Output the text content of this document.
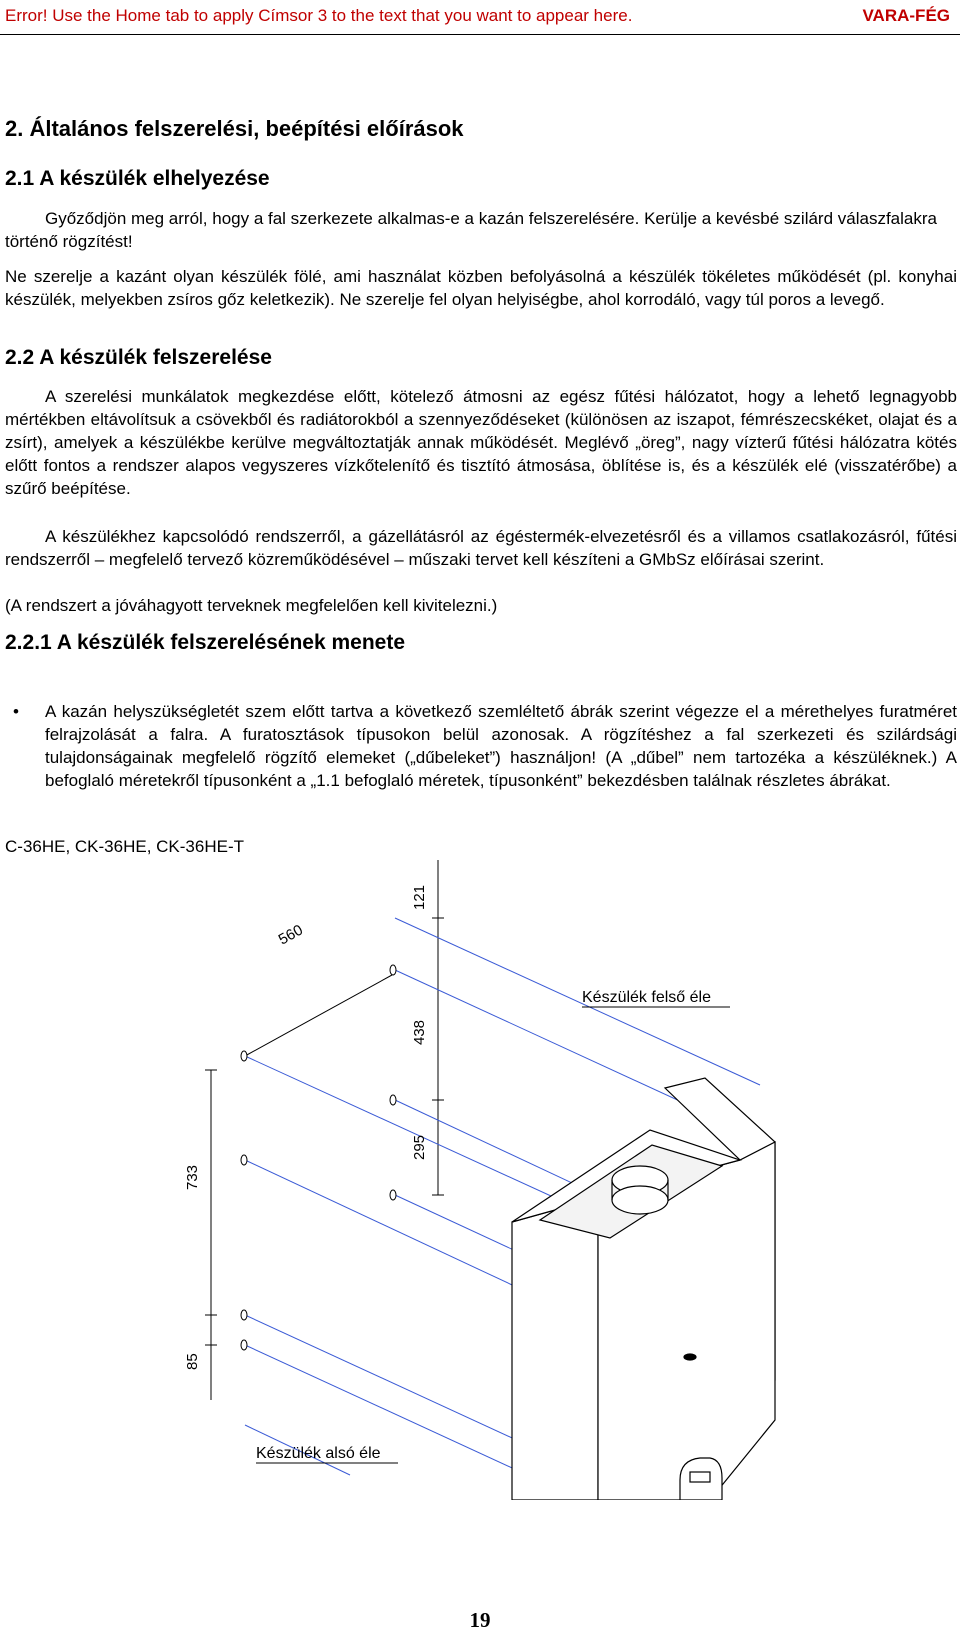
Error! Use the Home tab to apply Címsor 3 to the text that you want to appear here.	VARA-FÉG
2. Általános felszerelési, beépítési előírások
2.1 A készülék elhelyezése

Győződjön meg arról, hogy a fal szerkezete alkalmas-e a kazán felszerelésére. Kerülje a kevésbé szilárd válaszfalakra történő rögzítést!

Ne szerelje a kazánt olyan készülék fölé, ami használat közben befolyásolná a készülék tökéletes működését (pl. konyhai készülék, melyekben zsíros gőz keletkezik). Ne szerelje fel olyan helyiségbe, ahol korrodáló, vagy túl poros a levegő.

2.2 A készülék felszerelése

A szerelési munkálatok megkezdése előtt, kötelező átmosni az egész fűtési hálózatot, hogy a lehető legnagyobb mértékben eltávolítsuk a csövekből és radiátorokból a szennyeződéseket (különösen az iszapot, fémrészecskéket, olajat és a zsírt), amelyek a készülékbe kerülve megváltoztatják annak működését. Meglévő „öreg”, nagy vízterű fűtési hálózatra kötés előtt fontos a rendszer alapos vegyszeres vízkőtelenítő és tisztító átmosása, öblítése is, és a készülék elé (visszatérőbe) a szűrő beépítése.

A készülékhez kapcsolódó rendszerről, a gázellátásról az égéstermék-elvezetésről és a villamos csatlakozásról, fűtési rendszerről – megfelelő tervező közreműködésével – műszaki tervet kell készíteni a GMbSz előírásai szerint.

(A rendszert a jóváhagyott terveknek megfelelően kell kivitelezni.)

2.2.1 A készülék felszerelésének menete
• A kazán helyszükségletét szem előtt tartva a következő szemléltető ábrák szerint végezze el a mérethelyes furatméret felrajzolását a falra. A furatosztások típusokon belül azonosak. A rögzítéshez a fal szerkezeti és szilárdsági tulajdonságainak megfelelő rögzítő elemeket („dűbeleket”) használjon! (A „dűbel” nem tartozéka a készüléknek.) A befoglaló méretekről típusonként a „1.1 befoglaló méretek, típusonként” bekezdésben találnak részletes ábrákat.

C-36HE, CK-36HE, CK-36HE-T
121
560
438
295
733
85
Készülék felső éle
Készülék alsó éle
19
